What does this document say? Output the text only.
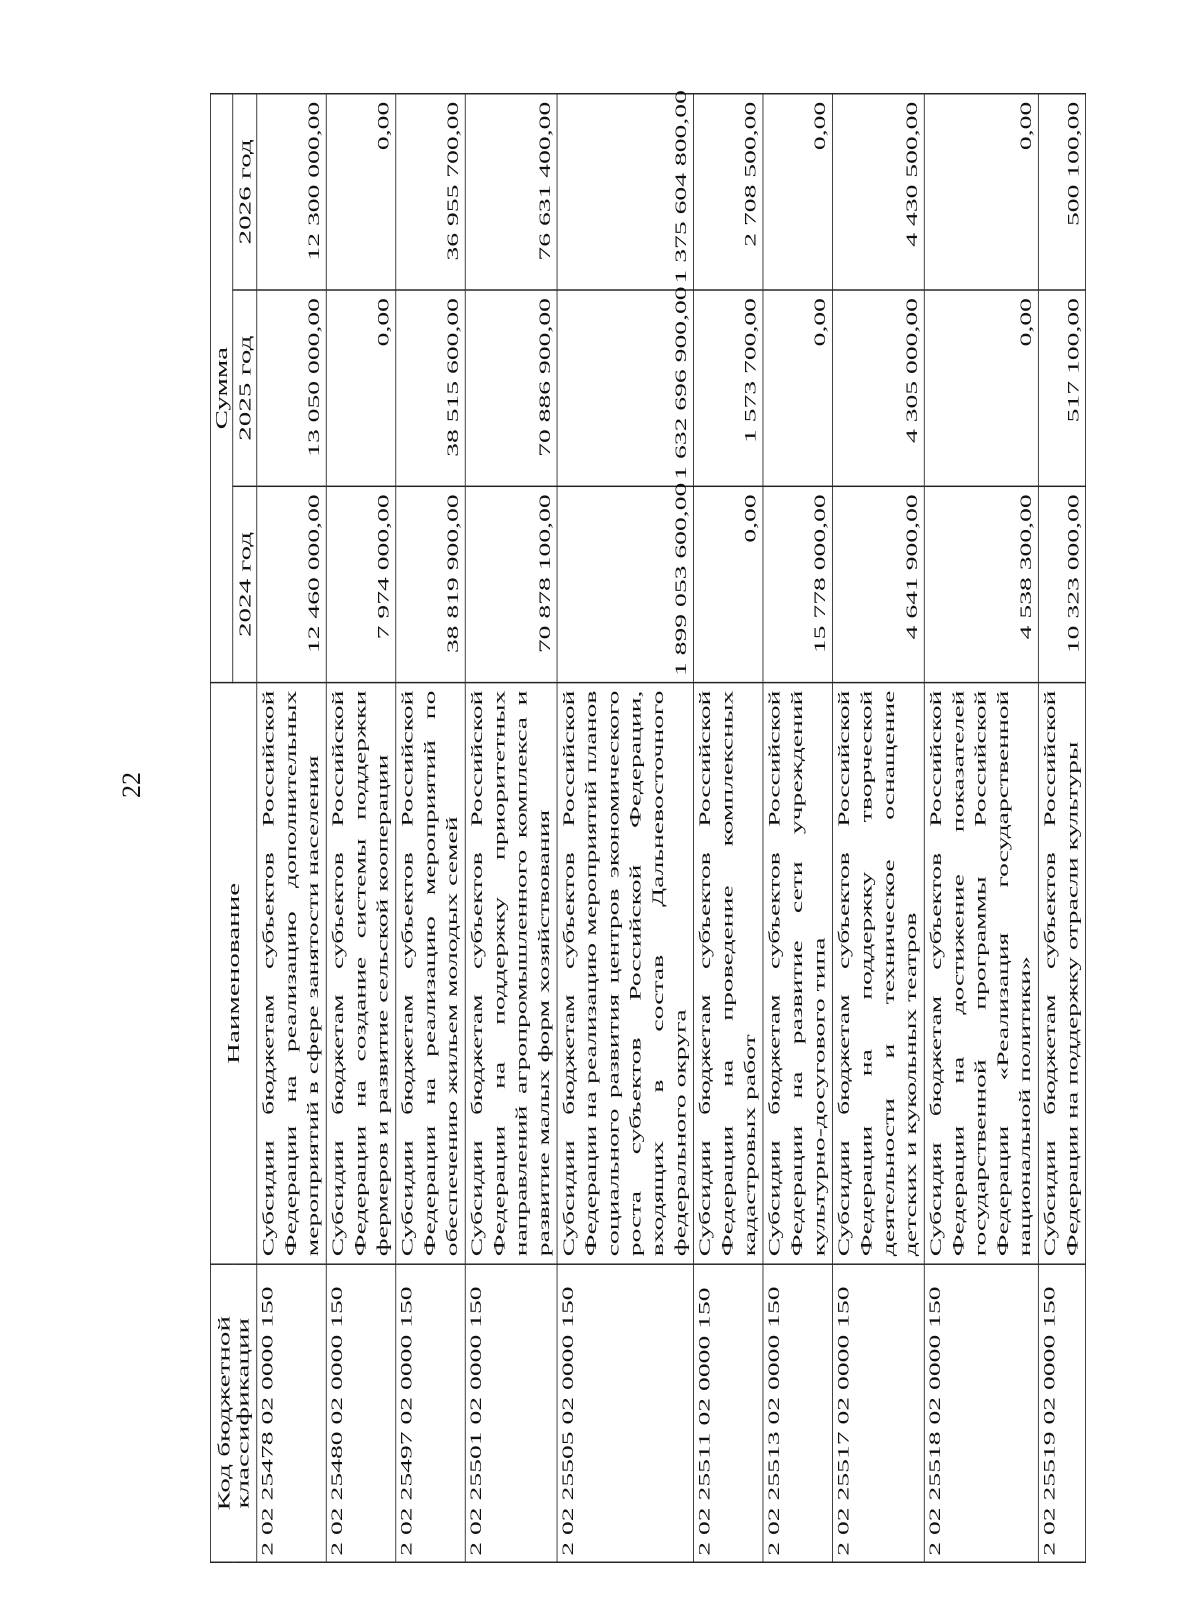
22
Код бюджетной классификации	Наименование	Сумма		
		2024 год	2025 год	2026 год
2 02 25478 02 0000 150	Субсидии бюджетам субъектов Российской Федерации на реализацию дополнительных мероприятий в сфере занятости населения	12 460 000,00	13 050 000,00	12 300 000,00
2 02 25480 02 0000 150	Субсидии бюджетам субъектов Российской Федерации на создание системы поддержки фермеров и развитие сельской кооперации	7 974 000,00	0,00	0,00
2 02 25497 02 0000 150	Субсидии бюджетам субъектов Российской Федерации на реализацию мероприятий по обеспечению жильем молодых семей	38 819 900,00	38 515 600,00	36 955 700,00
2 02 25501 02 0000 150	Субсидии бюджетам субъектов Российской Федерации на поддержку приоритетных направлений агропромышленного комплекса и развитие малых форм хозяйствования	70 878 100,00	70 886 900,00	76 631 400,00
2 02 25505 02 0000 150	Субсидии бюджетам субъектов Российской Федерации на реализацию мероприятий планов социального развития центров экономического роста субъектов Российской Федерации, входящих в состав Дальневосточного федерального округа	1 899 053 600,00	1 632 696 900,00	1 375 604 800,00
2 02 25511 02 0000 150	Субсидии бюджетам субъектов Российской Федерации на проведение комплексных кадастровых работ	0,00	1 573 700,00	2 708 500,00
2 02 25513 02 0000 150	Субсидии бюджетам субъектов Российской Федерации на развитие сети учреждений культурно-досугового типа	15 778 000,00	0,00	0,00
2 02 25517 02 0000 150	Субсидии бюджетам субъектов Российской Федерации на поддержку творческой деятельности и техническое оснащение детских и кукольных театров	4 641 900,00	4 305 000,00	4 430 500,00
2 02 25518 02 0000 150	Субсидия бюджетам субъектов Российской Федерации на достижение показателей государственной программы Российской Федерации «Реализация государственной национальной политики»	4 538 300,00	0,00	0,00
2 02 25519 02 0000 150	Субсидии бюджетам субъектов Российской Федерации на поддержку отрасли культуры	10 323 000,00	517 100,00	500 100,00
